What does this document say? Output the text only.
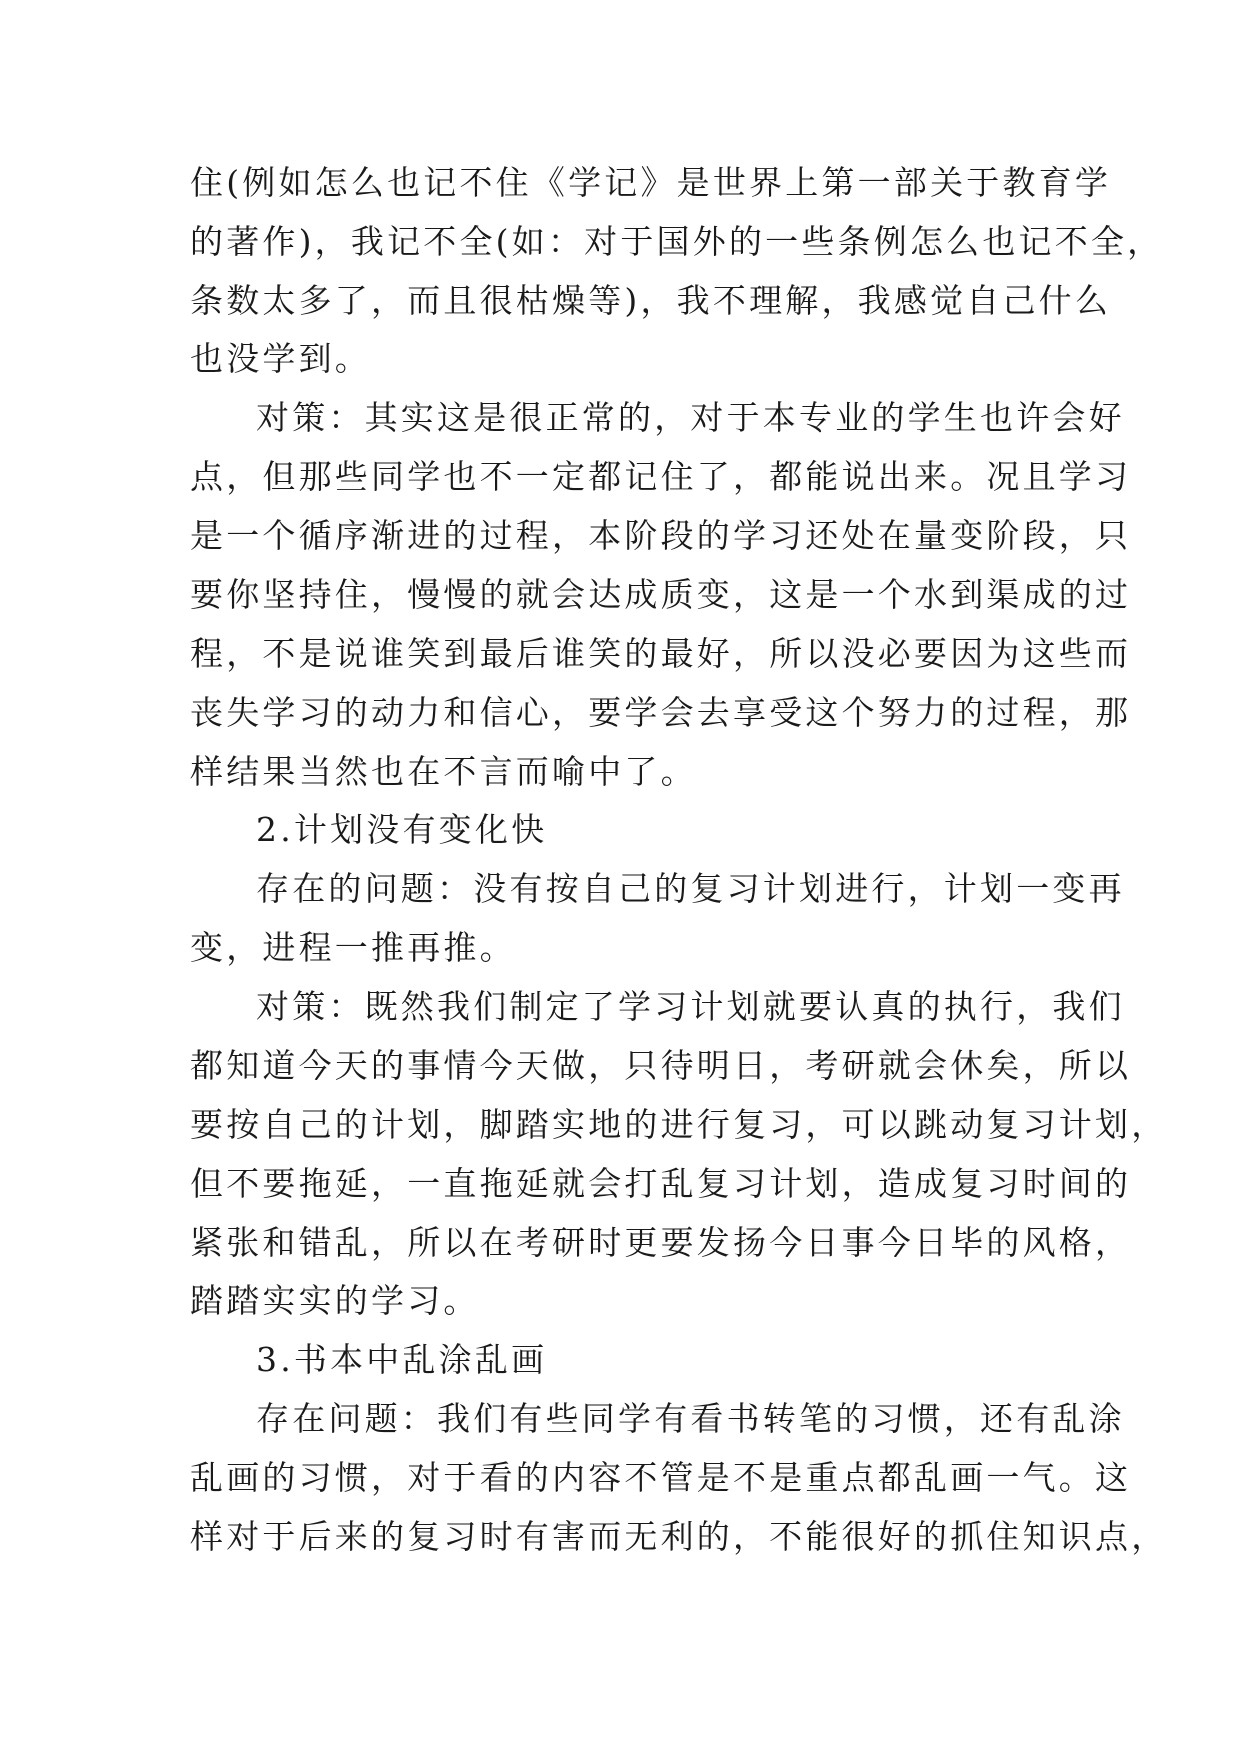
住(例如怎么也记不住《学记》是世界上第一部关于教育学
的著作)，我记不全(如：对于国外的一些条例怎么也记不全，
条数太多了，而且很枯燥等)，我不理解，我感觉自己什么
也没学到。
对策：其实这是很正常的，对于本专业的学生也许会好
点，但那些同学也不一定都记住了，都能说出来。况且学习
是一个循序渐进的过程，本阶段的学习还处在量变阶段，只
要你坚持住，慢慢的就会达成质变，这是一个水到渠成的过
程，不是说谁笑到最后谁笑的最好，所以没必要因为这些而
丧失学习的动力和信心，要学会去享受这个努力的过程，那
样结果当然也在不言而喻中了。
2.计划没有变化快
存在的问题：没有按自己的复习计划进行，计划一变再
变，进程一推再推。
对策：既然我们制定了学习计划就要认真的执行，我们
都知道今天的事情今天做，只待明日，考研就会休矣，所以
要按自己的计划，脚踏实地的进行复习，可以跳动复习计划，
但不要拖延，一直拖延就会打乱复习计划，造成复习时间的
紧张和错乱，所以在考研时更要发扬今日事今日毕的风格，
踏踏实实的学习。
3.书本中乱涂乱画
存在问题：我们有些同学有看书转笔的习惯，还有乱涂
乱画的习惯，对于看的内容不管是不是重点都乱画一气。这
样对于后来的复习时有害而无利的，不能很好的抓住知识点，
